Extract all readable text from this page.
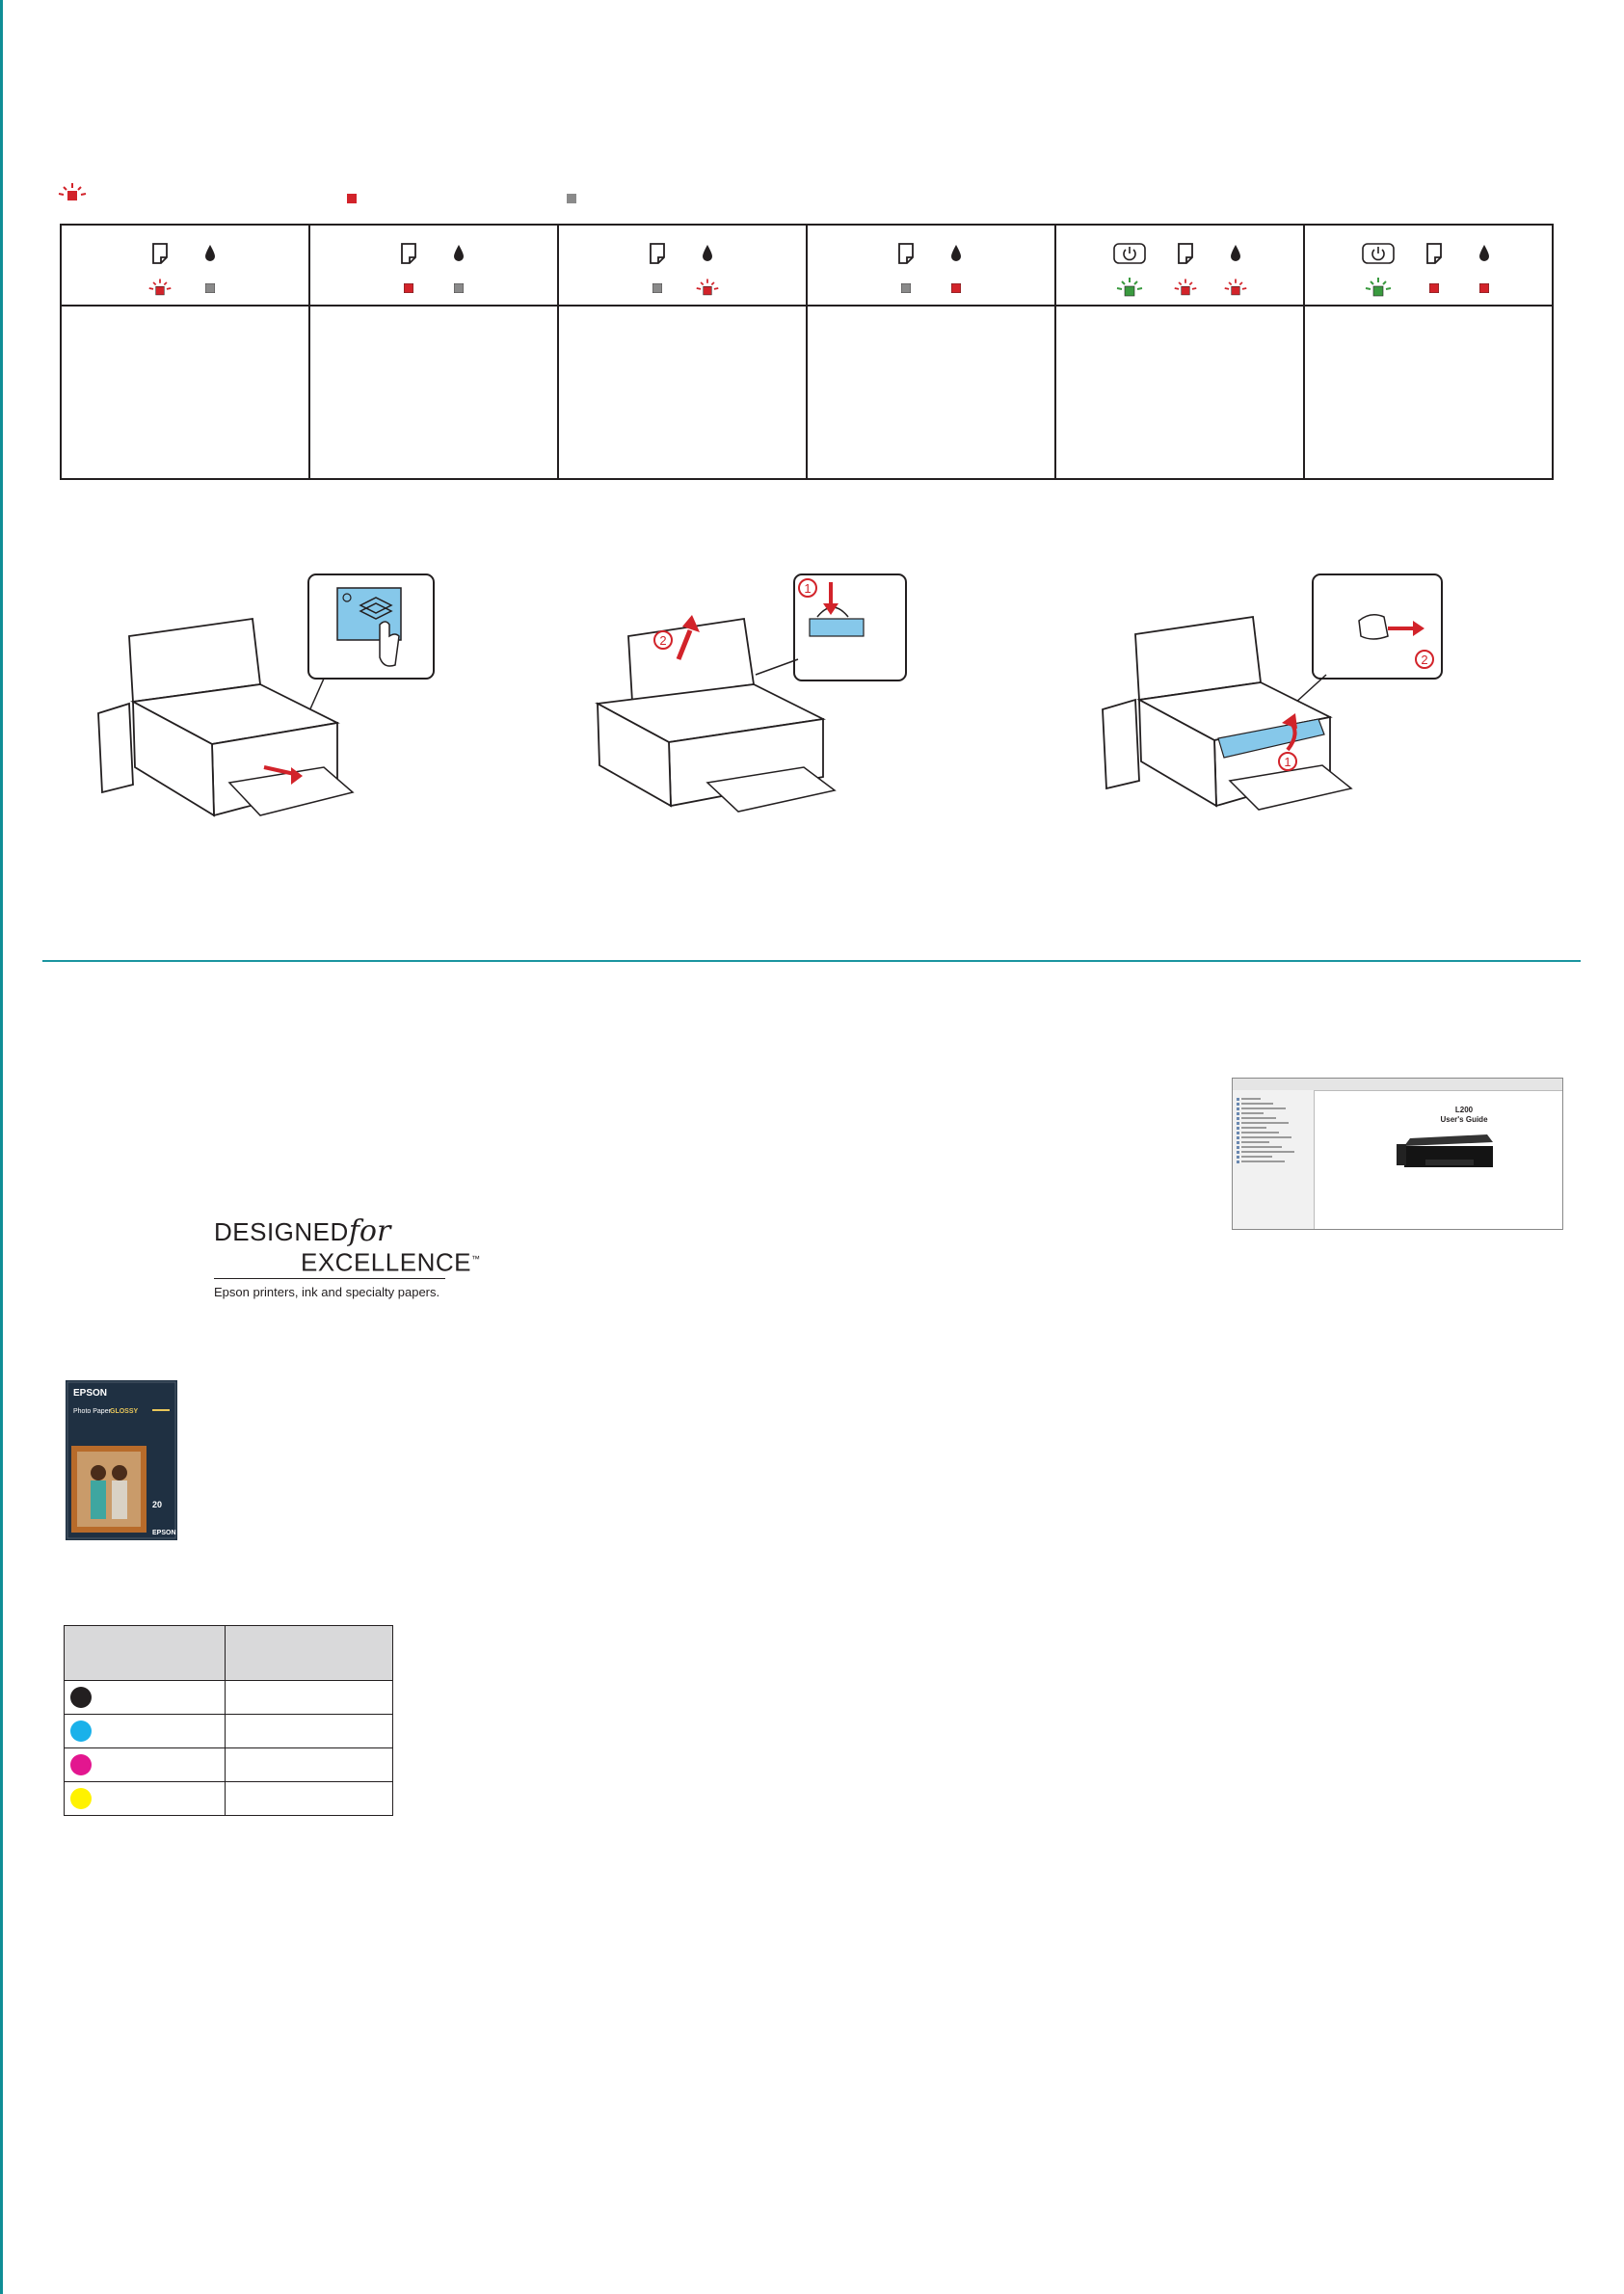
1
2
2
1
DESIGNEDfor
EXCELLENCE™
Epson printers, ink and specialty papers.
EPSON
Photo Paper GLOSSY
20
EPSON

L200
User's Guide
